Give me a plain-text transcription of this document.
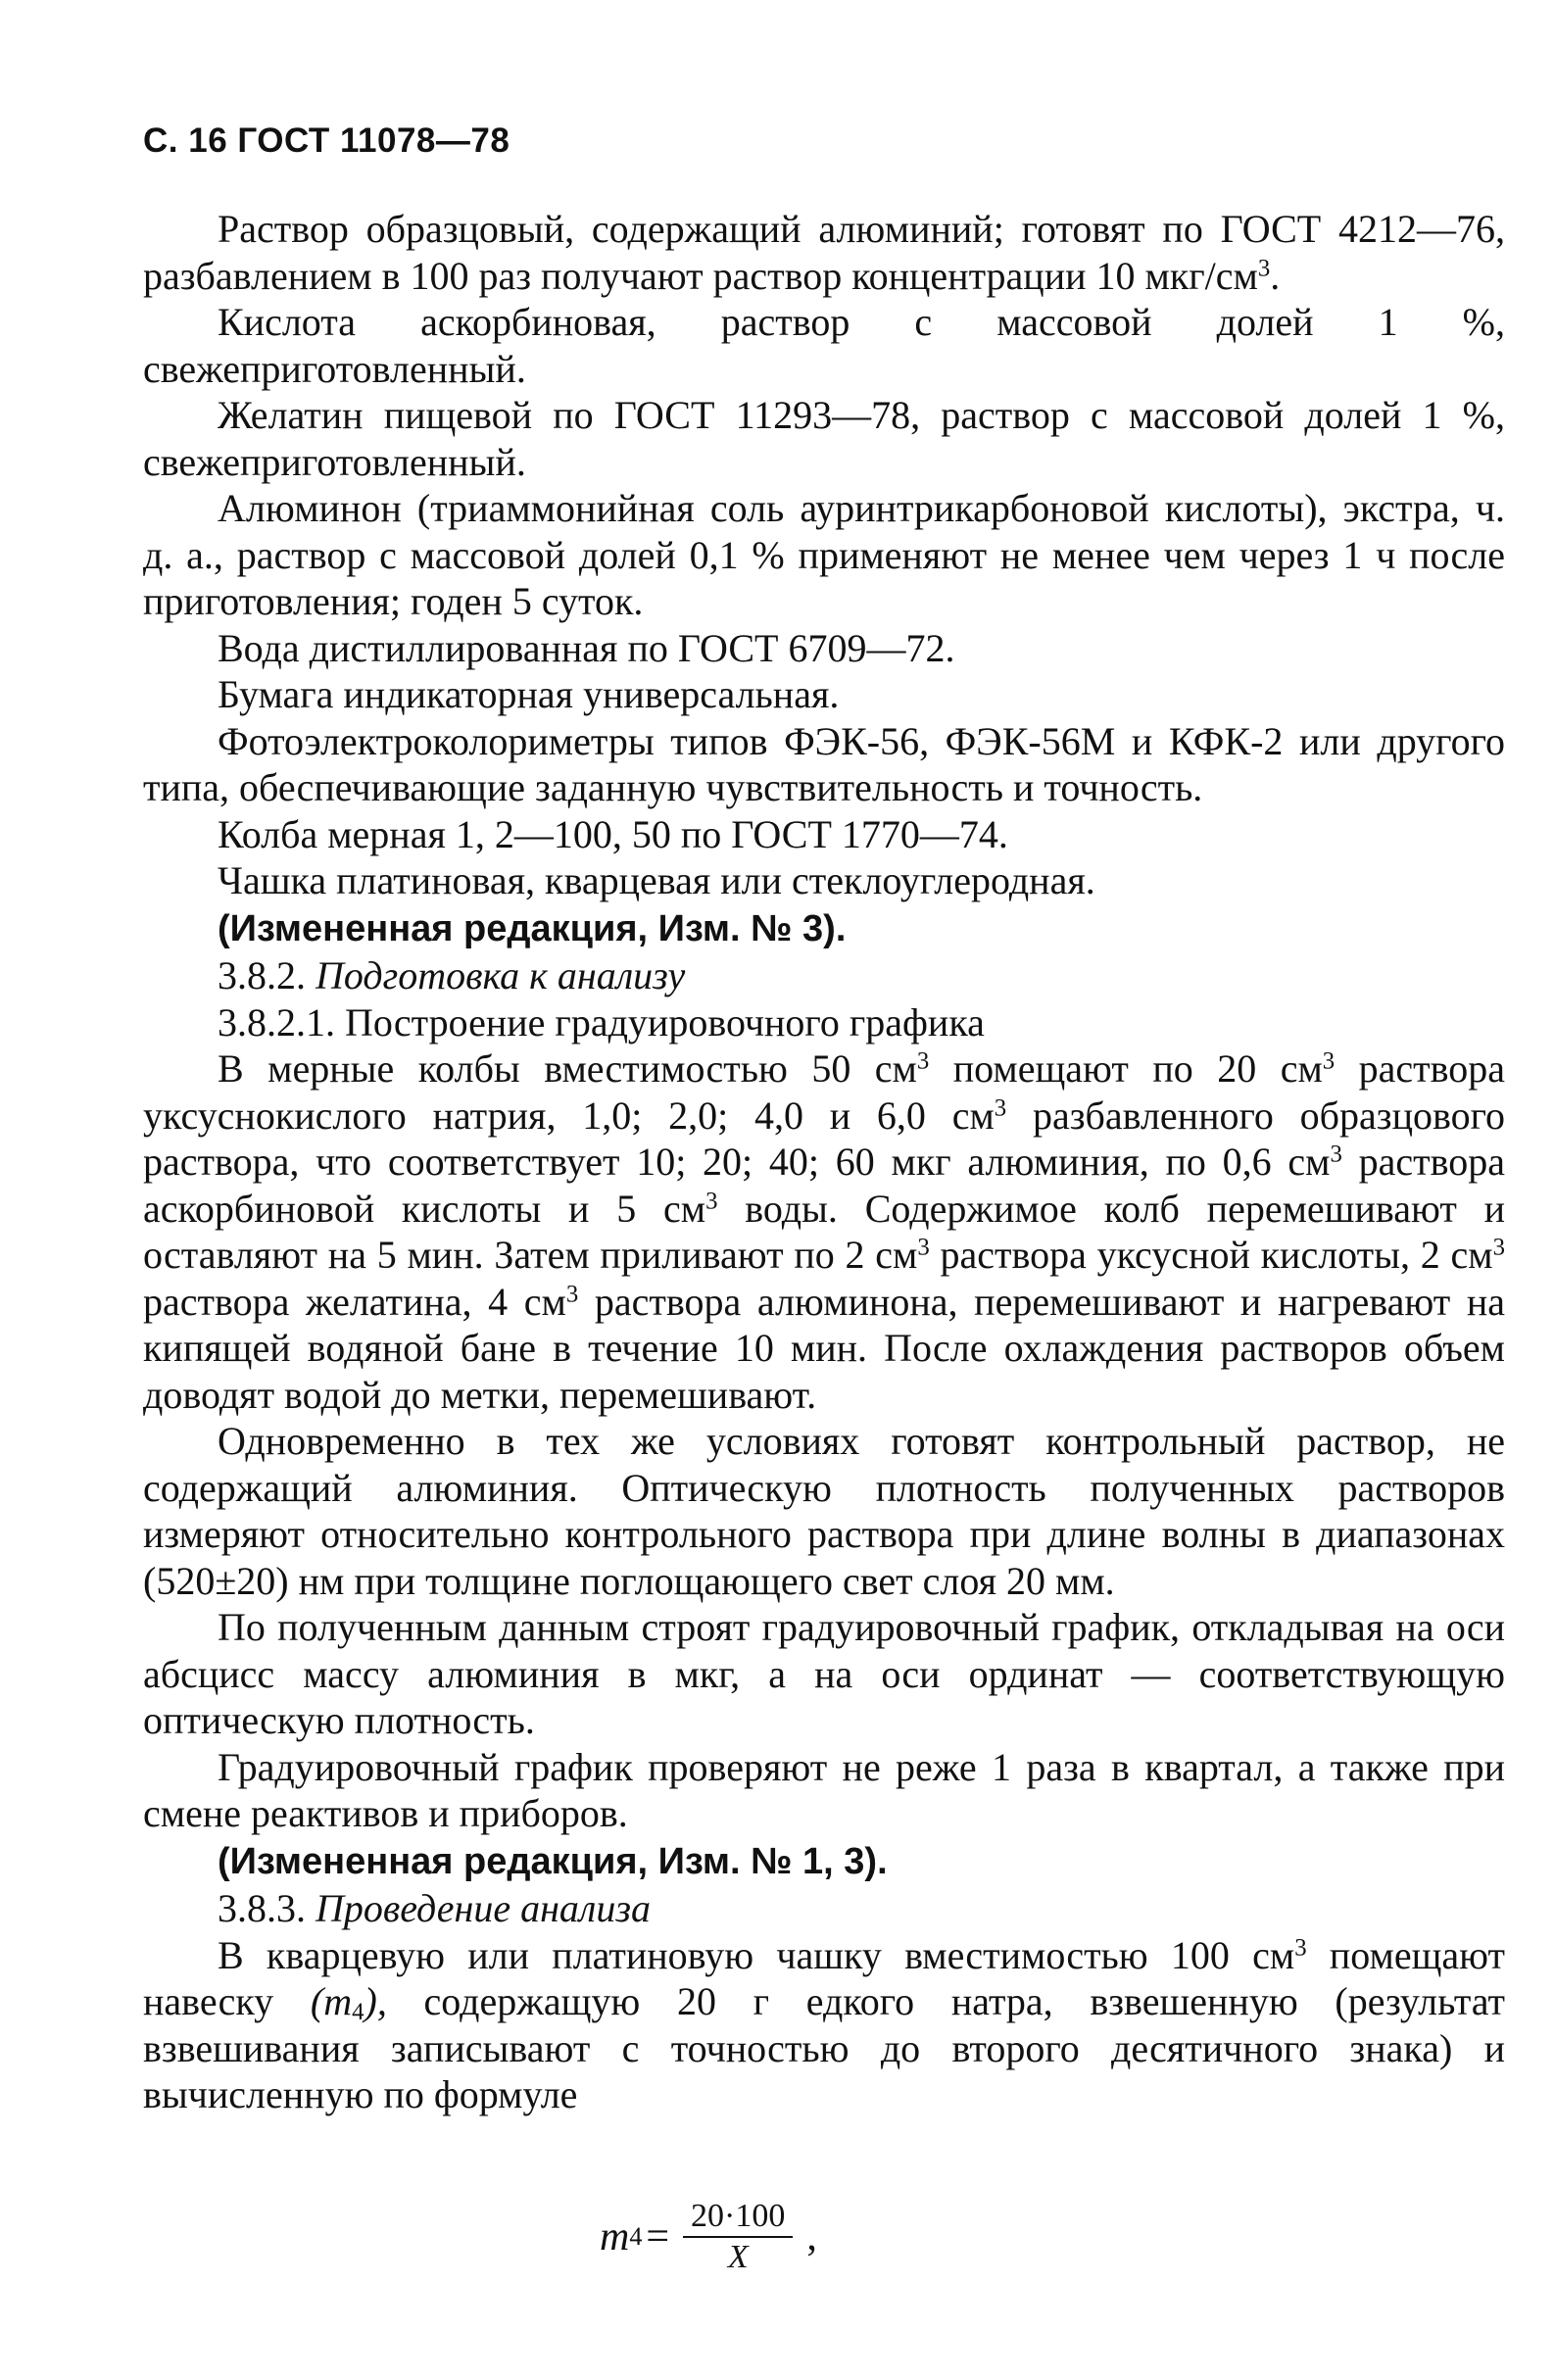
С. 16 ГОСТ 11078—78

Раствор образцовый, содержащий алюминий; готовят по ГОСТ 4212—76, разбавлением в 100 раз получают раствор концентрации 10 мкг/$см^3$.

Кислота аскорбиновая, раствор с массовой долей 1 %, свежеприготовленный.

Желатин пищевой по ГОСТ 11293—78, раствор с массовой долей 1 %, свежеприготовленный.

Алюминон (триаммонийная соль ауринтрикарбоновой кислоты), экстра, ч. д. а., раствор с массовой долей 0,1 % применяют не менее чем через 1 ч после приготовления; годен 5 суток.

Вода дистиллированная по ГОСТ 6709—72.

Бумага индикаторная универсальная.

Фотоэлектроколориметры типов ФЭК-56, ФЭК-56М и КФК-2 или другого типа, обеспечивающие заданную чувствительность и точность.

Колба мерная 1, 2—100, 50 по ГОСТ 1770—74.

Чашка платиновая, кварцевая или стеклоуглеродная.

(Измененная редакция, Изм. № 3).

3.8.2. Подготовка к анализу

3.8.2.1. Построение градуировочного графика

В мерные колбы вместимостью 50 $см^3$ помещают по 20 $см^3$ раствора уксуснокислого натрия, 1,0; 2,0; 4,0 и 6,0 $см^3$ разбавленного образцового раствора, что соответствует 10; 20; 40; 60 мкг алюминия, по 0,6 $см^3$ раствора аскорбиновой кислоты и 5 $см^3$ воды. Содержимое колб перемешивают и оставляют на 5 мин. Затем приливают по 2 $см^3$ раствора уксусной кислоты, 2 $см^3$ раствора желатина, 4 $см^3$ раствора алюминона, перемешивают и нагревают на кипящей водяной бане в течение 10 мин. После охлаждения растворов объем доводят водой до метки, перемешивают.

Одновременно в тех же условиях готовят контрольный раствор, не содержащий алюминия. Оптическую плотность полученных растворов измеряют относительно контрольного раствора при длине волны в диапазонах (520±20) нм при толщине поглощающего свет слоя 20 мм.

По полученным данным строят градуировочный график, откладывая на оси абсцисс массу алюминия в мкг, а на оси ординат — соответствующую оптическую плотность.

Градуировочный график проверяют не реже 1 раза в квартал, а также при смене реактивов и приборов.

(Измененная редакция, Изм. № 1, 3).

3.8.3. Проведение анализа

В кварцевую или платиновую чашку вместимостью 100 $см^3$ помещают навеску $(m_4)$, содержащую 20 г едкого натра, взвешенную (результат взвешивания записывают с точностью до второго десятичного знака) и вычисленную по формуле

m $4 = \frac{20\cdot 100}{X}$ ,
